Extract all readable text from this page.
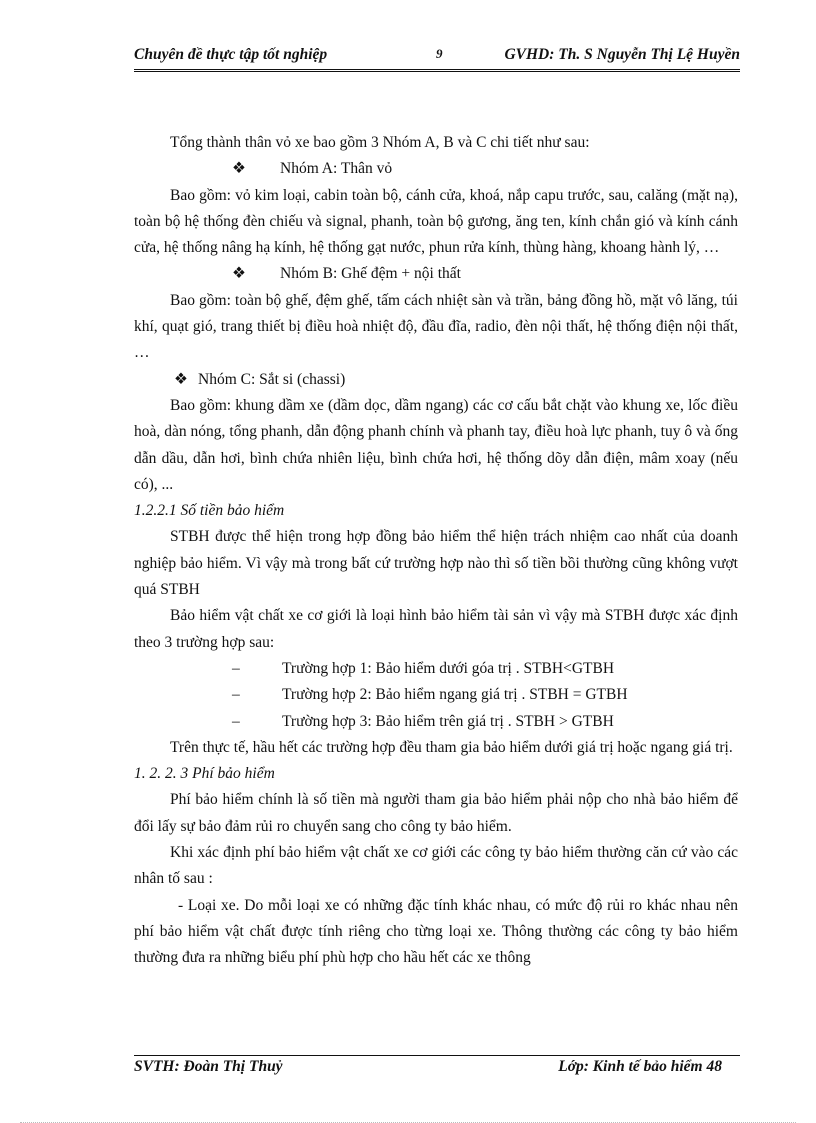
Chuyên đề thực tập tốt nghiệp	9	GVHD: Th. S Nguyễn Thị Lệ Huyền

Tổng thành thân vỏ xe bao gồm 3 Nhóm A, B và C chi tiết như sau:

❖ Nhóm A: Thân vỏ

Bao gồm: vỏ kim loại, cabin toàn bộ, cánh cửa, khoá, nắp capu trước, sau, calăng (mặt nạ), toàn bộ hệ thống đèn chiếu và signal, phanh, toàn bộ gương, ăng ten, kính chắn gió và kính cánh cửa, hệ thống nâng hạ kính, hệ thống gạt nước, phun rửa kính, thùng hàng, khoang hành lý, …

❖ Nhóm B: Ghế đệm + nội thất

Bao gồm: toàn bộ ghế, đệm ghế, tấm cách nhiệt sàn và trần, bảng đồng hồ, mặt vô lăng, túi khí, quạt gió, trang thiết bị điều hoà nhiệt độ, đầu đĩa, radio, đèn nội thất, hệ thống điện nội thất, …

❖ Nhóm C: Sắt si (chassi)

Bao gồm: khung dầm xe (dầm dọc, dầm ngang) các cơ cấu bắt chặt vào khung xe, lốc điều hoà, dàn nóng, tổng phanh, dẫn động phanh chính và phanh tay, điều hoà lực phanh, tuy ô và ống dẫn dầu, dẫn hơi, bình chứa nhiên liệu, bình chứa hơi, hệ thống dõy dẫn điện, mâm xoay (nếu có), ...

1.2.2.1 Số tiền bảo hiểm

STBH được thể hiện trong hợp đồng bảo hiểm thể hiện trách nhiệm cao nhất của doanh nghiệp bảo hiểm. Vì vậy mà trong bất cứ trường hợp nào thì số tiền bồi thường cũng không vượt quá STBH

Bảo hiểm vật chất xe cơ giới là loại hình bảo hiểm tài sản vì vậy mà STBH được xác định theo 3 trường hợp sau:

–	Trường hợp 1: Bảo hiểm dưới góa trị . STBH<GTBH

–	Trường hợp 2: Bảo hiểm ngang giá trị . STBH = GTBH

–	Trường hợp 3: Bảo hiểm trên giá trị . STBH > GTBH

Trên thực tế, hầu hết các trường hợp đều tham gia bảo hiểm dưới giá trị hoặc ngang giá trị.

1. 2. 2. 3 Phí bảo hiểm

Phí bảo hiểm chính là số tiền mà người tham gia bảo hiểm phải nộp cho nhà bảo hiểm để đổi lấy sự bảo đảm rủi ro chuyển sang cho công ty bảo hiểm.

Khi xác định phí bảo hiểm vật chất xe cơ giới các công ty bảo hiểm thường căn cứ vào các nhân tố sau :

- Loại xe. Do mỗi loại xe có những đặc tính khác nhau, có mức độ rủi ro khác nhau nên phí bảo hiểm vật chất được tính riêng cho từng loại xe. Thông thường các công ty bảo hiểm thường đưa ra những biểu phí phù hợp cho hầu hết các xe thông

SVTH: Đoàn Thị Thuỷ	Lớp: Kinh tế bảo hiểm 48
